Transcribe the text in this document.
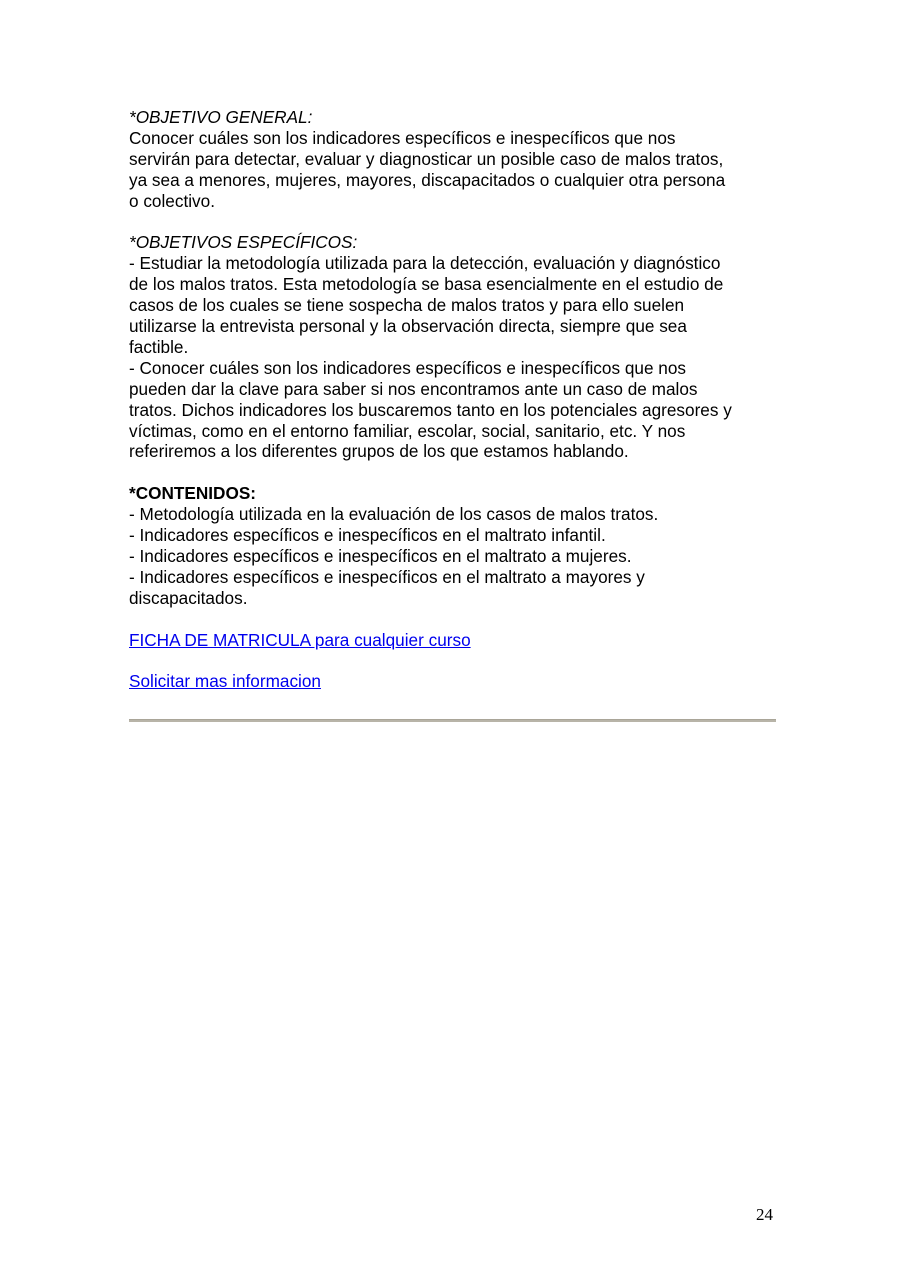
*OBJETIVO GENERAL:
Conocer cuáles son los indicadores específicos e inespecíficos que nos
servirán para detectar, evaluar y diagnosticar un posible caso de malos tratos,
ya sea a menores, mujeres, mayores, discapacitados o cualquier otra persona
o colectivo.
*OBJETIVOS ESPECÍFICOS:
- Estudiar la metodología utilizada para la detección, evaluación y diagnóstico
de los malos tratos. Esta metodología se basa esencialmente en el estudio de
casos de los cuales se tiene sospecha de malos tratos y para ello suelen
utilizarse la entrevista personal y la observación directa, siempre que sea
factible.
- Conocer cuáles son los indicadores específicos e inespecíficos que nos
pueden dar la clave para saber si nos encontramos ante un caso de malos
tratos. Dichos indicadores los buscaremos tanto en los potenciales agresores y
víctimas, como en el entorno familiar, escolar, social, sanitario, etc. Y nos
referiremos a los diferentes grupos de los que estamos hablando.
*CONTENIDOS:
- Metodología utilizada en la evaluación de los casos de malos tratos.
- Indicadores específicos e inespecíficos en el maltrato infantil.
- Indicadores específicos e inespecíficos en el maltrato a mujeres.
- Indicadores específicos e inespecíficos en el maltrato a mayores y
discapacitados.
FICHA DE MATRICULA para cualquier curso
Solicitar mas informacion
24
